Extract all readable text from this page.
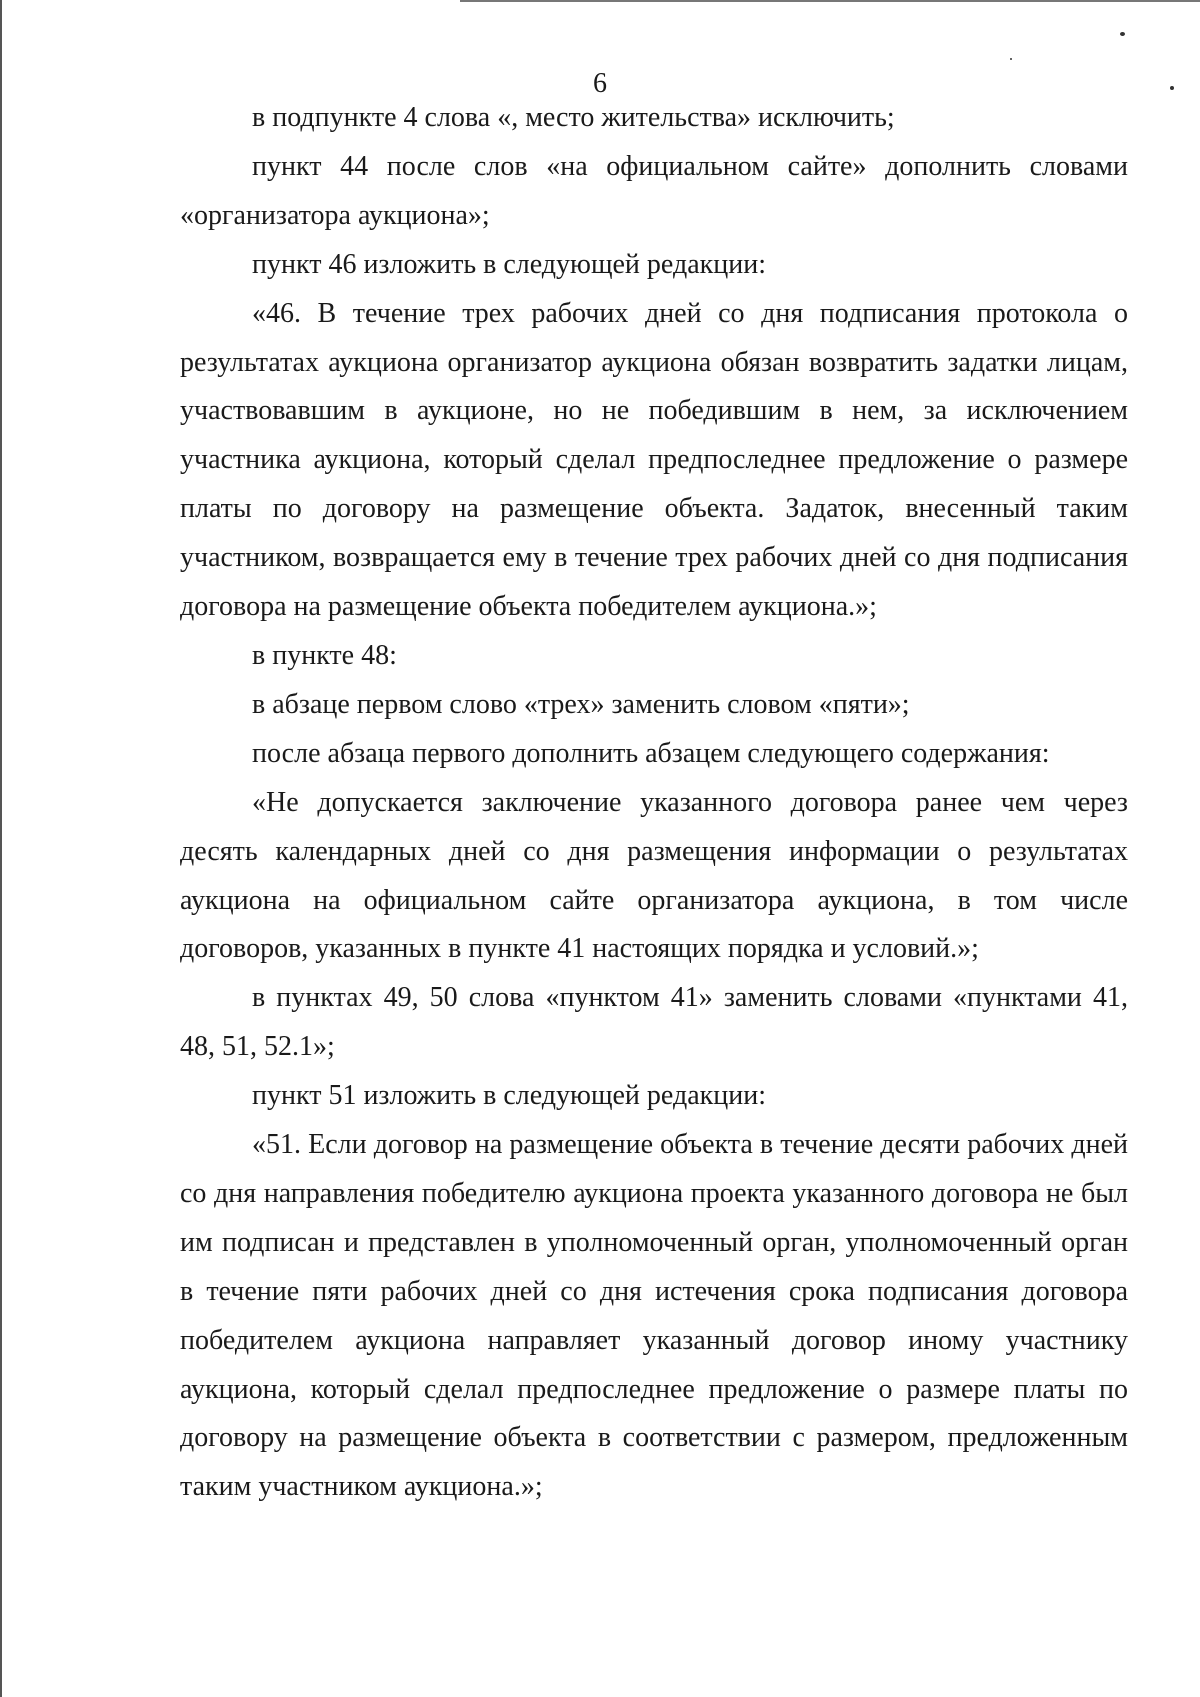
6

в подпункте 4 слова «, место жительства» исключить;

пункт 44 после слов «на официальном сайте» дополнить словами «организатора аукциона»;

пункт 46 изложить в следующей редакции:

«46. В течение трех рабочих дней со дня подписания протокола о результатах аукциона организатор аукциона обязан возвратить задатки лицам, участвовавшим в аукционе, но не победившим в нем, за исключением участника аукциона, который сделал предпоследнее предложение о размере платы по договору на размещение объекта. Задаток, внесенный таким участником, возвращается ему в течение трех рабочих дней со дня подписания договора на размещение объекта победителем аукциона.»;

в пункте 48:

в абзаце первом слово «трех» заменить словом «пяти»;

после абзаца первого дополнить абзацем следующего содержания:

«Не допускается заключение указанного договора ранее чем через десять календарных дней со дня размещения информации о результатах аукциона на официальном сайте организатора аукциона, в том числе договоров, указанных в пункте 41 настоящих порядка и условий.»;

в пунктах 49, 50 слова «пунктом 41» заменить словами «пунктами 41, 48, 51, 52.1»;

пункт 51 изложить в следующей редакции:

«51. Если договор на размещение объекта в течение десяти рабочих дней со дня направления победителю аукциона проекта указанного договора не был им подписан и представлен в уполномоченный орган, уполномоченный орган в течение пяти рабочих дней со дня истечения срока подписания договора победителем аукциона направляет указанный договор иному участнику аукциона, который сделал предпоследнее предложение о размере платы по договору на размещение объекта в соответствии с размером, предложенным таким участником аукциона.»;
